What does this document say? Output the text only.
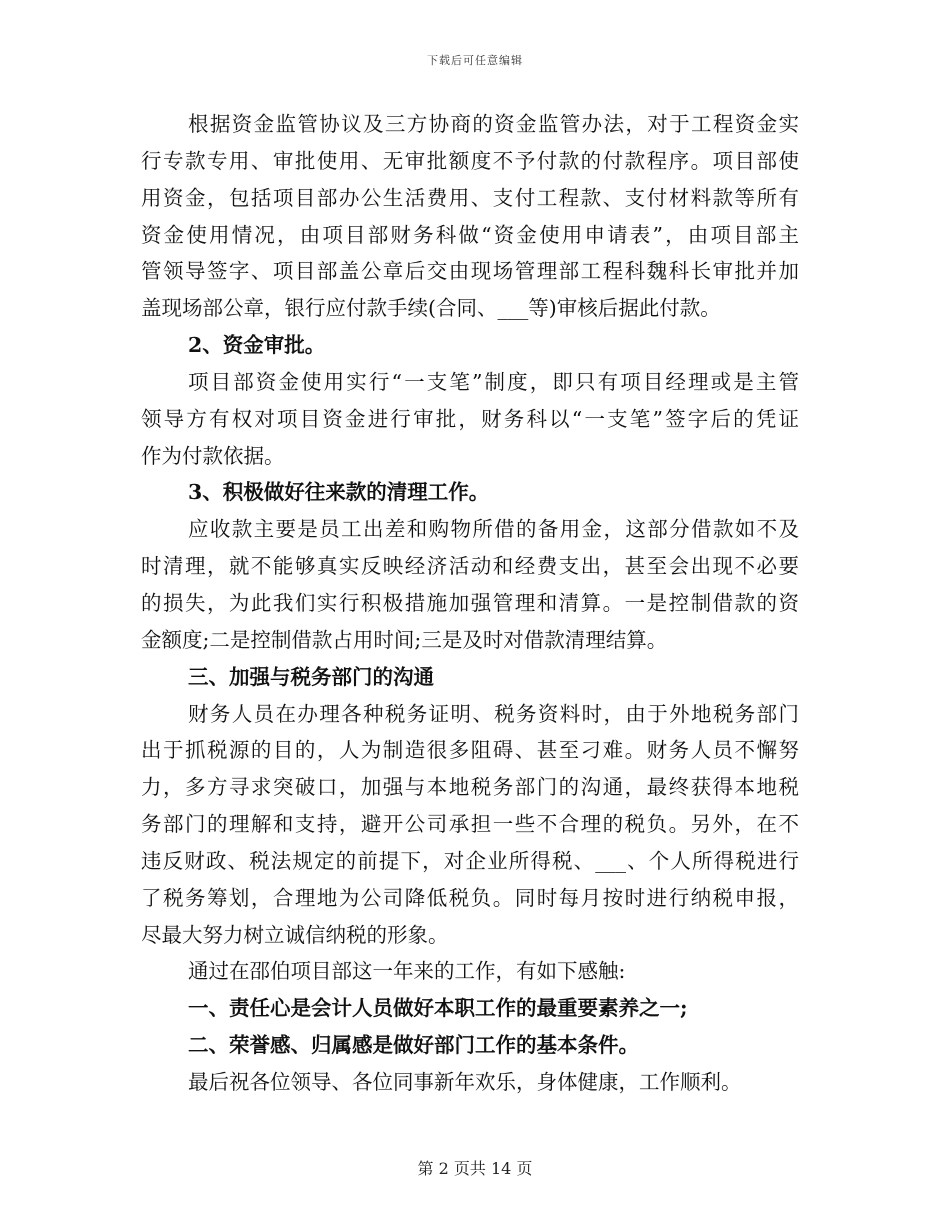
下载后可任意编辑
根据资金监管协议及三方协商的资金监管办法，对于工程资金实
行专款专用、审批使用、无审批额度不予付款的付款程序。项目部使
用资金，包括项目部办公生活费用、支付工程款、支付材料款等所有
资金使用情况，由项目部财务科做“资金使用申请表”，由项目部主
管领导签字、项目部盖公章后交由现场管理部工程科魏科长审批并加
盖现场部公章，银行应付款手续(合同、___等)审核后据此付款。
2、资金审批。
项目部资金使用实行“一支笔”制度，即只有项目经理或是主管
领导方有权对项目资金进行审批，财务科以“一支笔”签字后的凭证
作为付款依据。
3、积极做好往来款的清理工作。
应收款主要是员工出差和购物所借的备用金，这部分借款如不及
时清理，就不能够真实反映经济活动和经费支出，甚至会出现不必要
的损失，为此我们实行积极措施加强管理和清算。一是控制借款的资
金额度;二是控制借款占用时间;三是及时对借款清理结算。
三、加强与税务部门的沟通
财务人员在办理各种税务证明、税务资料时，由于外地税务部门
出于抓税源的目的，人为制造很多阻碍、甚至刁难。财务人员不懈努
力，多方寻求突破口，加强与本地税务部门的沟通，最终获得本地税
务部门的理解和支持，避开公司承担一些不合理的税负。另外，在不
违反财政、税法规定的前提下，对企业所得税、___、个人所得税进行
了税务筹划，合理地为公司降低税负。同时每月按时进行纳税申报，
尽最大努力树立诚信纳税的形象。
通过在邵伯项目部这一年来的工作，有如下感触:
一、责任心是会计人员做好本职工作的最重要素养之一;
二、荣誉感、归属感是做好部门工作的基本条件。
最后祝各位领导、各位同事新年欢乐，身体健康，工作顺利。
第 2 页共 14 页
